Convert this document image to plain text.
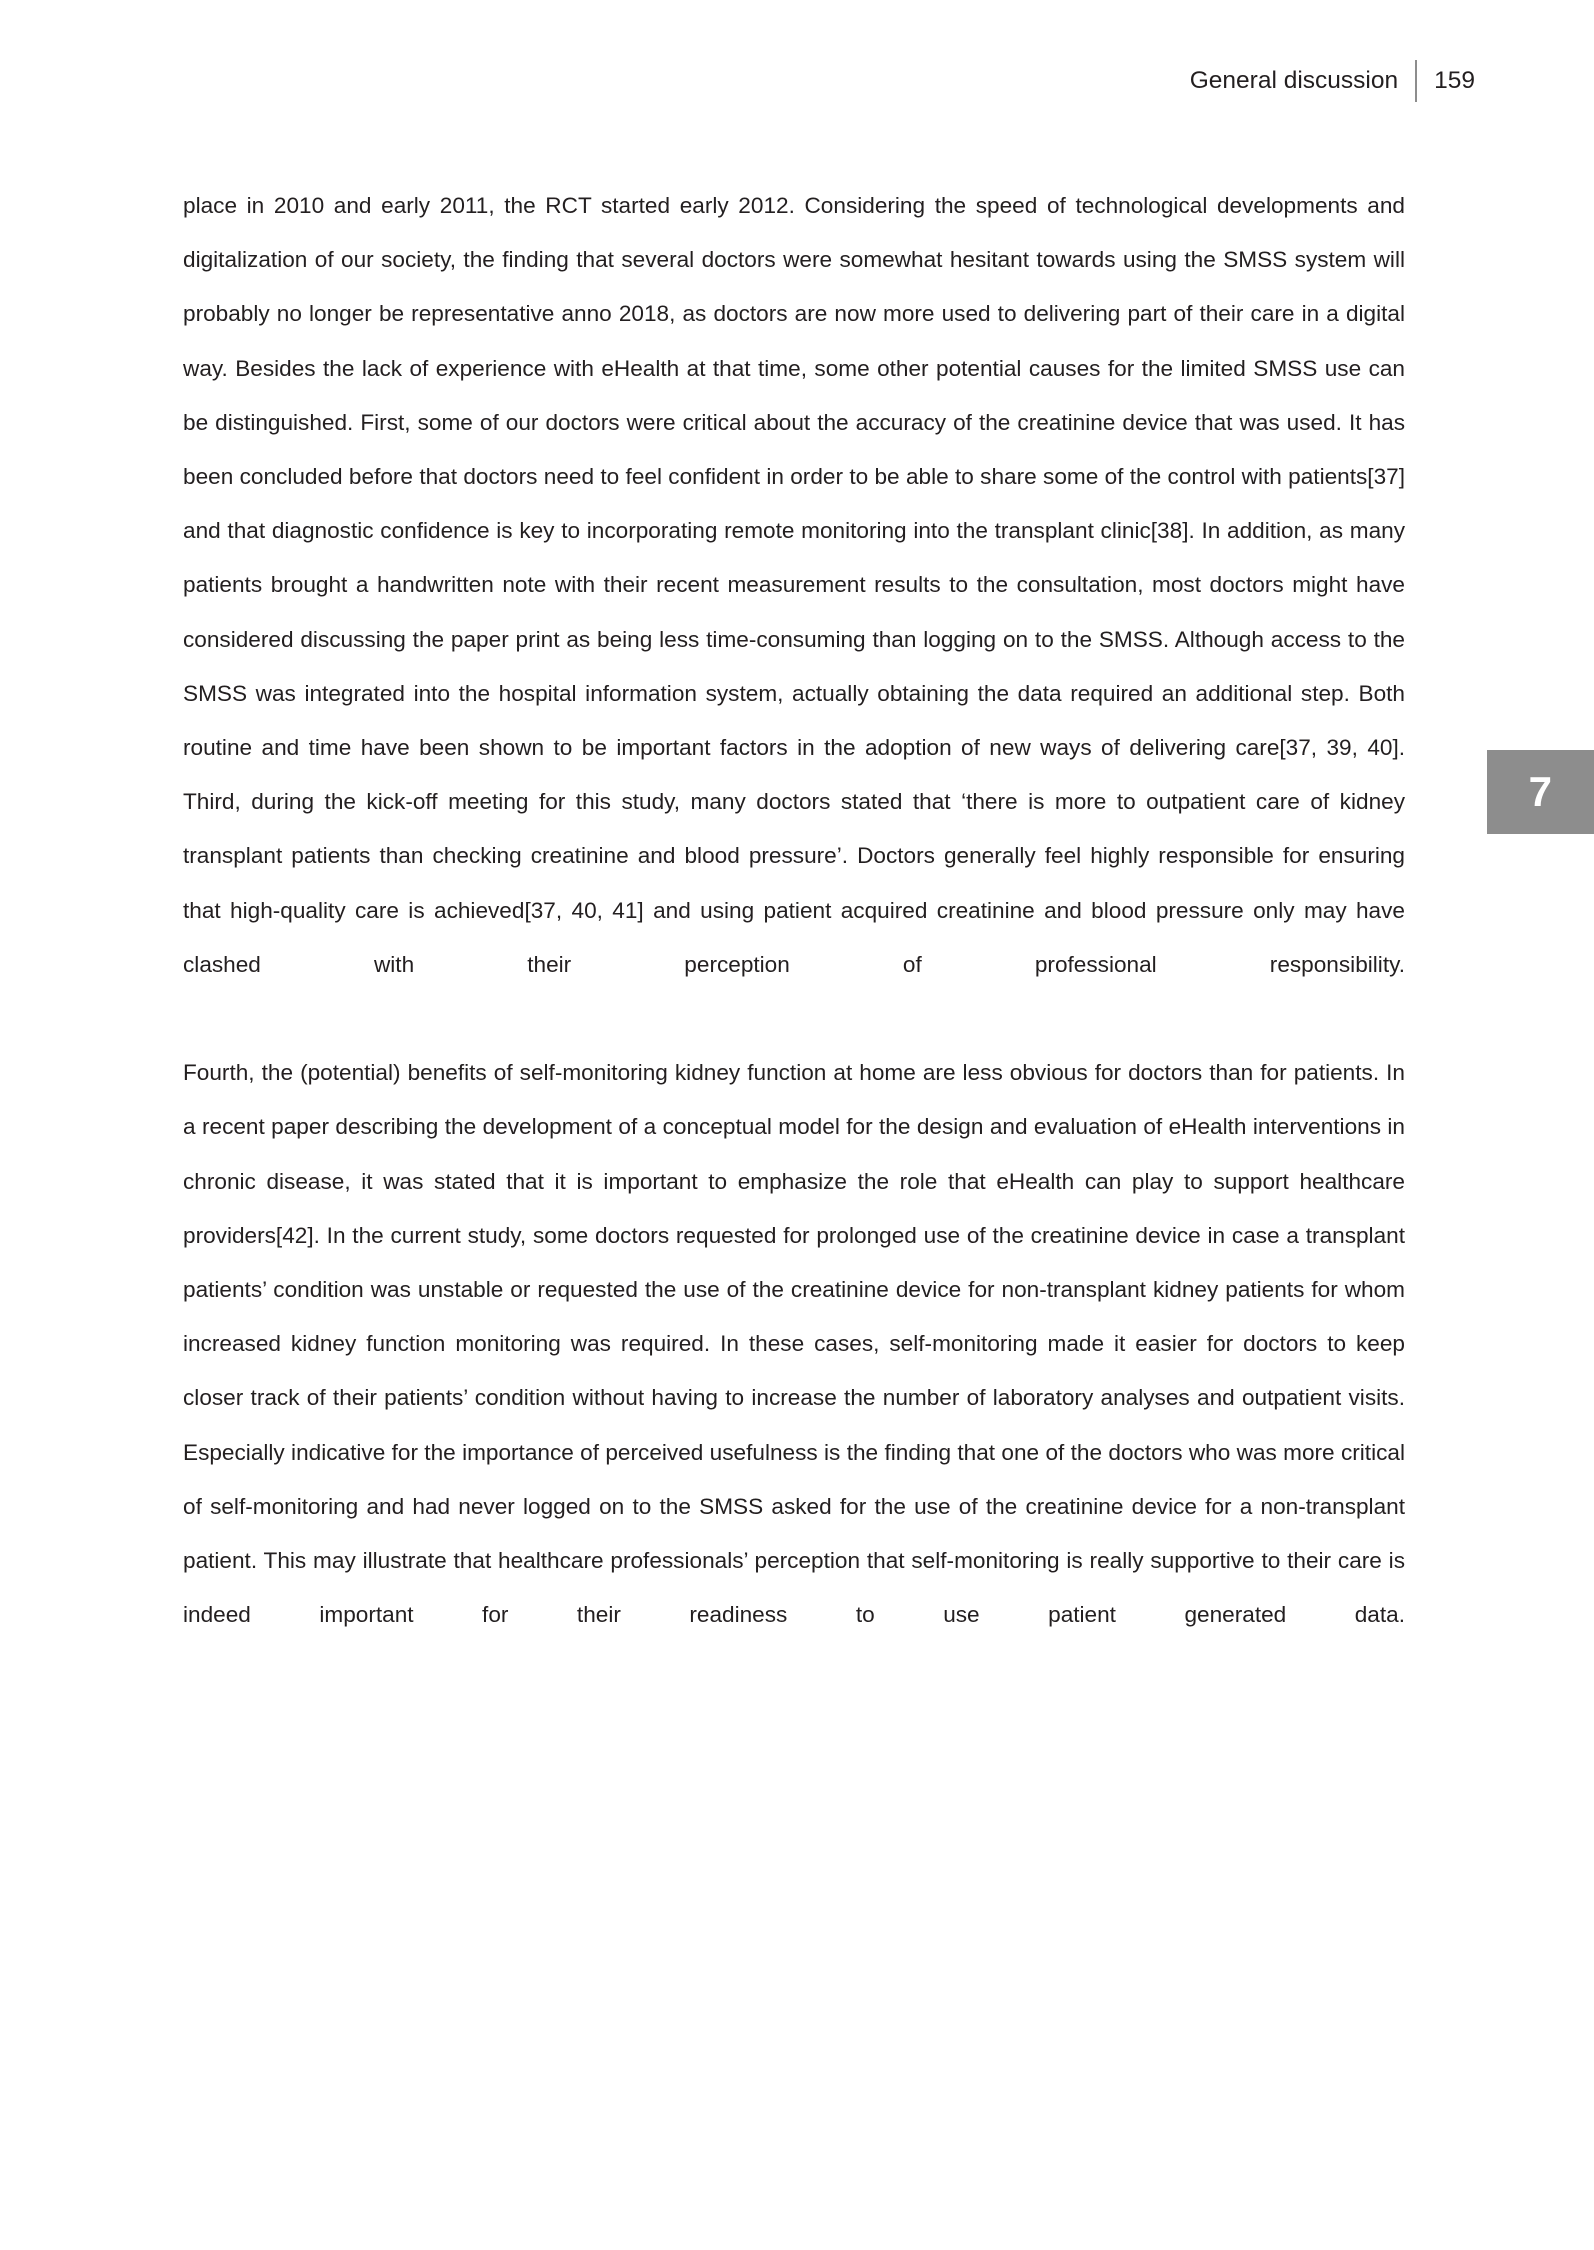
General discussion	159
7

place in 2010 and early 2011, the RCT started early 2012. Considering the speed of technological developments and digitalization of our society, the finding that several doctors were somewhat hesitant towards using the SMSS system will probably no longer be representative anno 2018, as doctors are now more used to delivering part of their care in a digital way. Besides the lack of experience with eHealth at that time, some other potential causes for the limited SMSS use can be distinguished. First, some of our doctors were critical about the accuracy of the creatinine device that was used. It has been concluded before that doctors need to feel confident in order to be able to share some of the control with patients[37] and that diagnostic confidence is key to incorporating remote monitoring into the transplant clinic[38]. In addition, as many patients brought a handwritten note with their recent measurement results to the consultation, most doctors might have considered discussing the paper print as being less time-consuming than logging on to the SMSS. Although access to the SMSS was integrated into the hospital information system, actually obtaining the data required an additional step. Both routine and time have been shown to be important factors in the adoption of new ways of delivering care[37, 39, 40]. Third, during the kick-off meeting for this study, many doctors stated that ‘there is more to outpatient care of kidney transplant patients than checking creatinine and blood pressure’. Doctors generally feel highly responsible for ensuring that high-quality care is achieved[37, 40, 41] and using patient acquired creatinine and blood pressure only may have clashed with their perception of professional responsibility.

Fourth, the (potential) benefits of self-monitoring kidney function at home are less obvious for doctors than for patients. In a recent paper describing the development of a conceptual model for the design and evaluation of eHealth interventions in chronic disease, it was stated that it is important to emphasize the role that eHealth can play to support healthcare providers[42]. In the current study, some doctors requested for prolonged use of the creatinine device in case a transplant patients’ condition was unstable or requested the use of the creatinine device for non-transplant kidney patients for whom increased kidney function monitoring was required. In these cases, self-monitoring made it easier for doctors to keep closer track of their patients’ condition without having to increase the number of laboratory analyses and outpatient visits. Especially indicative for the importance of perceived usefulness is the finding that one of the doctors who was more critical of self-monitoring and had never logged on to the SMSS asked for the use of the creatinine device for a non-transplant patient. This may illustrate that healthcare professionals’ perception that self-monitoring is really supportive to their care is indeed important for their readiness to use patient generated data.
